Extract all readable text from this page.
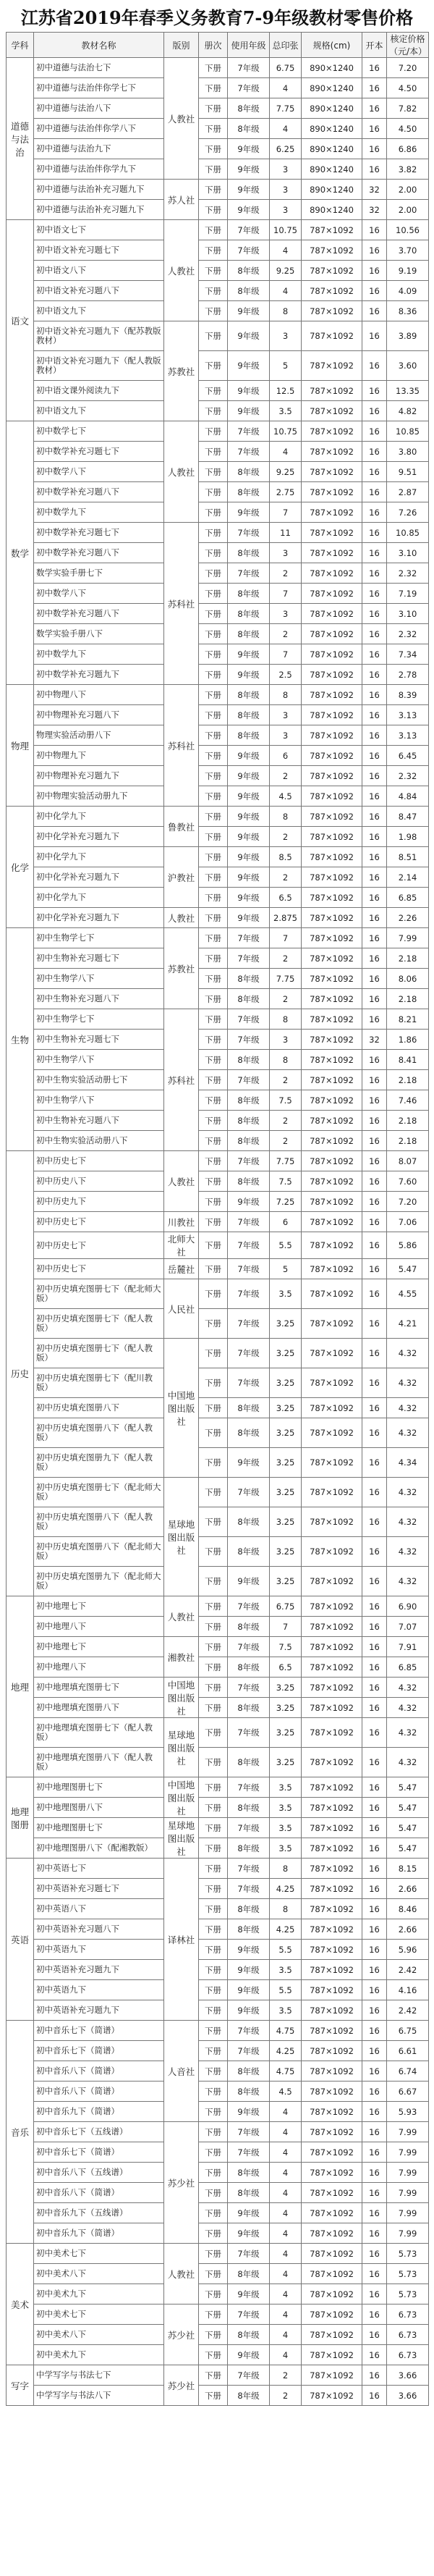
江苏省2019年春季义务教育7-9年级教材零售价格
学科	教材名称	版别	册次	使用年级	总印张	规格(cm)	开本	核定价格（元/本）
道德与法治	初中道德与法治七下	人教社	下册	7年级	6.75	890×1240	16	7.20
	初中道德与法治伴你学七下		下册	7年级	4	890×1240	16	4.50
	初中道德与法治八下		下册	8年级	7.75	890×1240	16	7.82
	初中道德与法治伴你学八下		下册	8年级	4	890×1240	16	4.50
	初中道德与法治九下		下册	9年级	6.25	890×1240	16	6.86
	初中道德与法治伴你学九下		下册	9年级	3	890×1240	16	3.82
	初中道德与法治补充习题九下	苏人社	下册	9年级	3	890×1240	32	2.00
	初中道德与法治补充习题九下		下册	9年级	3	890×1240	32	2.00
语文	初中语文七下	人教社	下册	7年级	10.75	787×1092	16	10.56
	初中语文补充习题七下		下册	7年级	4	787×1092	16	3.70
	初中语文八下		下册	8年级	9.25	787×1092	16	9.19
	初中语文补充习题八下		下册	8年级	4	787×1092	16	4.09
	初中语文九下		下册	9年级	8	787×1092	16	8.36
	初中语文补充习题九下（配苏教版教材）	苏教社	下册	9年级	3	787×1092	16	3.89
	初中语文补充习题九下（配人教版教材）		下册	9年级	5	787×1092	16	3.60
	初中语文课外阅读九下		下册	9年级	12.5	787×1092	16	13.35
	初中语文九下		下册	9年级	3.5	787×1092	16	4.82
数学	初中数学七下	人教社	下册	7年级	10.75	787×1092	16	10.85
	初中数学补充习题七下		下册	7年级	4	787×1092	16	3.80
	初中数学八下		下册	8年级	9.25	787×1092	16	9.51
	初中数学补充习题八下		下册	8年级	2.75	787×1092	16	2.87
	初中数学九下		下册	9年级	7	787×1092	16	7.26
	初中数学补充习题七下	苏科社	下册	7年级	11	787×1092	16	10.85
	初中数学补充习题八下		下册	8年级	3	787×1092	16	3.10
	数学实验手册七下		下册	7年级	2	787×1092	16	2.32
	初中数学八下		下册	8年级	7	787×1092	16	7.19
	初中数学补充习题八下		下册	8年级	3	787×1092	16	3.10
	数学实验手册八下		下册	8年级	2	787×1092	16	2.32
	初中数学九下		下册	9年级	7	787×1092	16	7.34
	初中数学补充习题九下		下册	9年级	2.5	787×1092	16	2.78
物理	初中物理八下	苏科社	下册	8年级	8	787×1092	16	8.39
	初中物理补充习题八下		下册	8年级	3	787×1092	16	3.13
	物理实验活动册八下		下册	8年级	3	787×1092	16	3.13
	初中物理九下		下册	9年级	6	787×1092	16	6.45
	初中物理补充习题九下		下册	9年级	2	787×1092	16	2.32
	初中物理实验活动册九下		下册	9年级	4.5	787×1092	16	4.84
化学	初中化学九下	鲁教社	下册	9年级	8	787×1092	16	8.47
	初中化学补充习题九下		下册	9年级	2	787×1092	16	1.98
	初中化学九下	沪教社	下册	9年级	8.5	787×1092	16	8.51
	初中化学补充习题九下		下册	9年级	2	787×1092	16	2.14
	初中化学九下		下册	9年级	6.5	787×1092	16	6.85
	初中化学补充习题九下	人教社	下册	9年级	2.875	787×1092	16	2.26
生物	初中生物学七下	苏教社	下册	7年级	7	787×1092	16	7.99
	初中生物补充习题七下		下册	7年级	2	787×1092	16	2.18
	初中生物学八下		下册	8年级	7.75	787×1092	16	8.06
	初中生物补充习题八下		下册	8年级	2	787×1092	16	2.18
	初中生物学七下	苏科社	下册	7年级	8	787×1092	16	8.21
	初中生物补充习题七下		下册	7年级	3	787×1092	32	1.86
	初中生物学八下		下册	8年级	8	787×1092	16	8.41
	初中生物实验活动册七下		下册	7年级	2	787×1092	16	2.18
	初中生物学八下		下册	8年级	7.5	787×1092	16	7.46
	初中生物补充习题八下		下册	8年级	2	787×1092	16	2.18
	初中生物实验活动册八下		下册	8年级	2	787×1092	16	2.18
历史	初中历史七下	人教社	下册	7年级	7.75	787×1092	16	8.07
	初中历史八下		下册	8年级	7.5	787×1092	16	7.60
	初中历史九下		下册	9年级	7.25	787×1092	16	7.20
	初中历史七下	川教社	下册	7年级	6	787×1092	16	7.06
	初中历史七下	北师大社	下册	7年级	5.5	787×1092	16	5.86
	初中历史七下	岳麓社	下册	7年级	5	787×1092	16	5.47
	初中历史填充图册七下（配北师大版）	人民社	下册	7年级	3.5	787×1092	16	4.55
	初中历史填充图册七下（配人教版）		下册	7年级	3.25	787×1092	16	4.21
	初中历史填充图册七下（配人教版）	中国地图出版社	下册	7年级	3.25	787×1092	16	4.32
	初中历史填充图册七下（配川教版）		下册	7年级	3.25	787×1092	16	4.32
	初中历史填充图册八下		下册	8年级	3.25	787×1092	16	4.32
	初中历史填充图册八下（配人教版）		下册	8年级	3.25	787×1092	16	4.32
	初中历史填充图册九下（配人教版）		下册	9年级	3.25	787×1092	16	4.34
	初中历史填充图册七下（配北师大版）	星球地图出版社	下册	7年级	3.25	787×1092	16	4.32
	初中历史填充图册八下（配人教版）		下册	8年级	3.25	787×1092	16	4.32
	初中历史填充图册八下（配北师大版）		下册	8年级	3.25	787×1092	16	4.32
	初中历史填充图册九下（配北师大版）		下册	9年级	3.25	787×1092	16	4.32
地理	初中地理七下	人教社	下册	7年级	6.75	787×1092	16	6.90
	初中地理八下		下册	8年级	7	787×1092	16	7.07
	初中地理七下	湘教社	下册	7年级	7.5	787×1092	16	7.91
	初中地理八下		下册	8年级	6.5	787×1092	16	6.85
	初中地理填充图册七下	中国地图出版社	下册	7年级	3.25	787×1092	16	4.32
	初中地理填充图册八下		下册	8年级	3.25	787×1092	16	4.32
	初中地理填充图册七下（配人教版）	星球地图出版社	下册	7年级	3.25	787×1092	16	4.32
	初中地理填充图册八下（配人教版）		下册	8年级	3.25	787×1092	16	4.32
地理图册	初中地理图册七下	中国地图出版社	下册	7年级	3.5	787×1092	16	5.47
	初中地理图册八下		下册	8年级	3.5	787×1092	16	5.47
	初中地理图册七下	星球地图出版社	下册	7年级	3.5	787×1092	16	5.47
	初中地理图册八下（配湘教版）		下册	8年级	3.5	787×1092	16	5.47
英语	初中英语七下	译林社	下册	7年级	8	787×1092	16	8.15
	初中英语补充习题七下		下册	7年级	4.25	787×1092	16	2.66
	初中英语八下		下册	8年级	8	787×1092	16	8.46
	初中英语补充习题八下		下册	8年级	4.25	787×1092	16	2.66
	初中英语九下		下册	9年级	5.5	787×1092	16	5.96
	初中英语补充习题九下		下册	9年级	3.5	787×1092	16	2.42
	初中英语九下		下册	9年级	5.5	787×1092	16	4.16
	初中英语补充习题九下		下册	9年级	3.5	787×1092	16	2.42
音乐	初中音乐七下（简谱）	人音社	下册	7年级	4.75	787×1092	16	6.75
	初中音乐七下（简谱）		下册	7年级	4.25	787×1092	16	6.61
	初中音乐八下（简谱）		下册	8年级	4.75	787×1092	16	6.74
	初中音乐八下（简谱）		下册	8年级	4.5	787×1092	16	6.67
	初中音乐九下（简谱）		下册	9年级	4	787×1092	16	5.93
	初中音乐七下（五线谱）	苏少社	下册	7年级	4	787×1092	16	7.99
	初中音乐七下（简谱）		下册	7年级	4	787×1092	16	7.99
	初中音乐八下（五线谱）		下册	8年级	4	787×1092	16	7.99
	初中音乐八下（简谱）		下册	8年级	4	787×1092	16	7.99
	初中音乐九下（五线谱）		下册	9年级	4	787×1092	16	7.99
	初中音乐九下（简谱）		下册	9年级	4	787×1092	16	7.99
美术	初中美术七下	人教社	下册	7年级	4	787×1092	16	5.73
	初中美术八下		下册	8年级	4	787×1092	16	5.73
	初中美术九下		下册	9年级	4	787×1092	16	5.73
	初中美术七下	苏少社	下册	7年级	4	787×1092	16	6.73
	初中美术八下		下册	8年级	4	787×1092	16	6.73
	初中美术九下		下册	9年级	4	787×1092	16	6.73
写字	中学写字与书法七下	苏少社	下册	7年级	2	787×1092	16	3.66
	中学写字与书法八下		下册	8年级	2	787×1092	16	3.66
